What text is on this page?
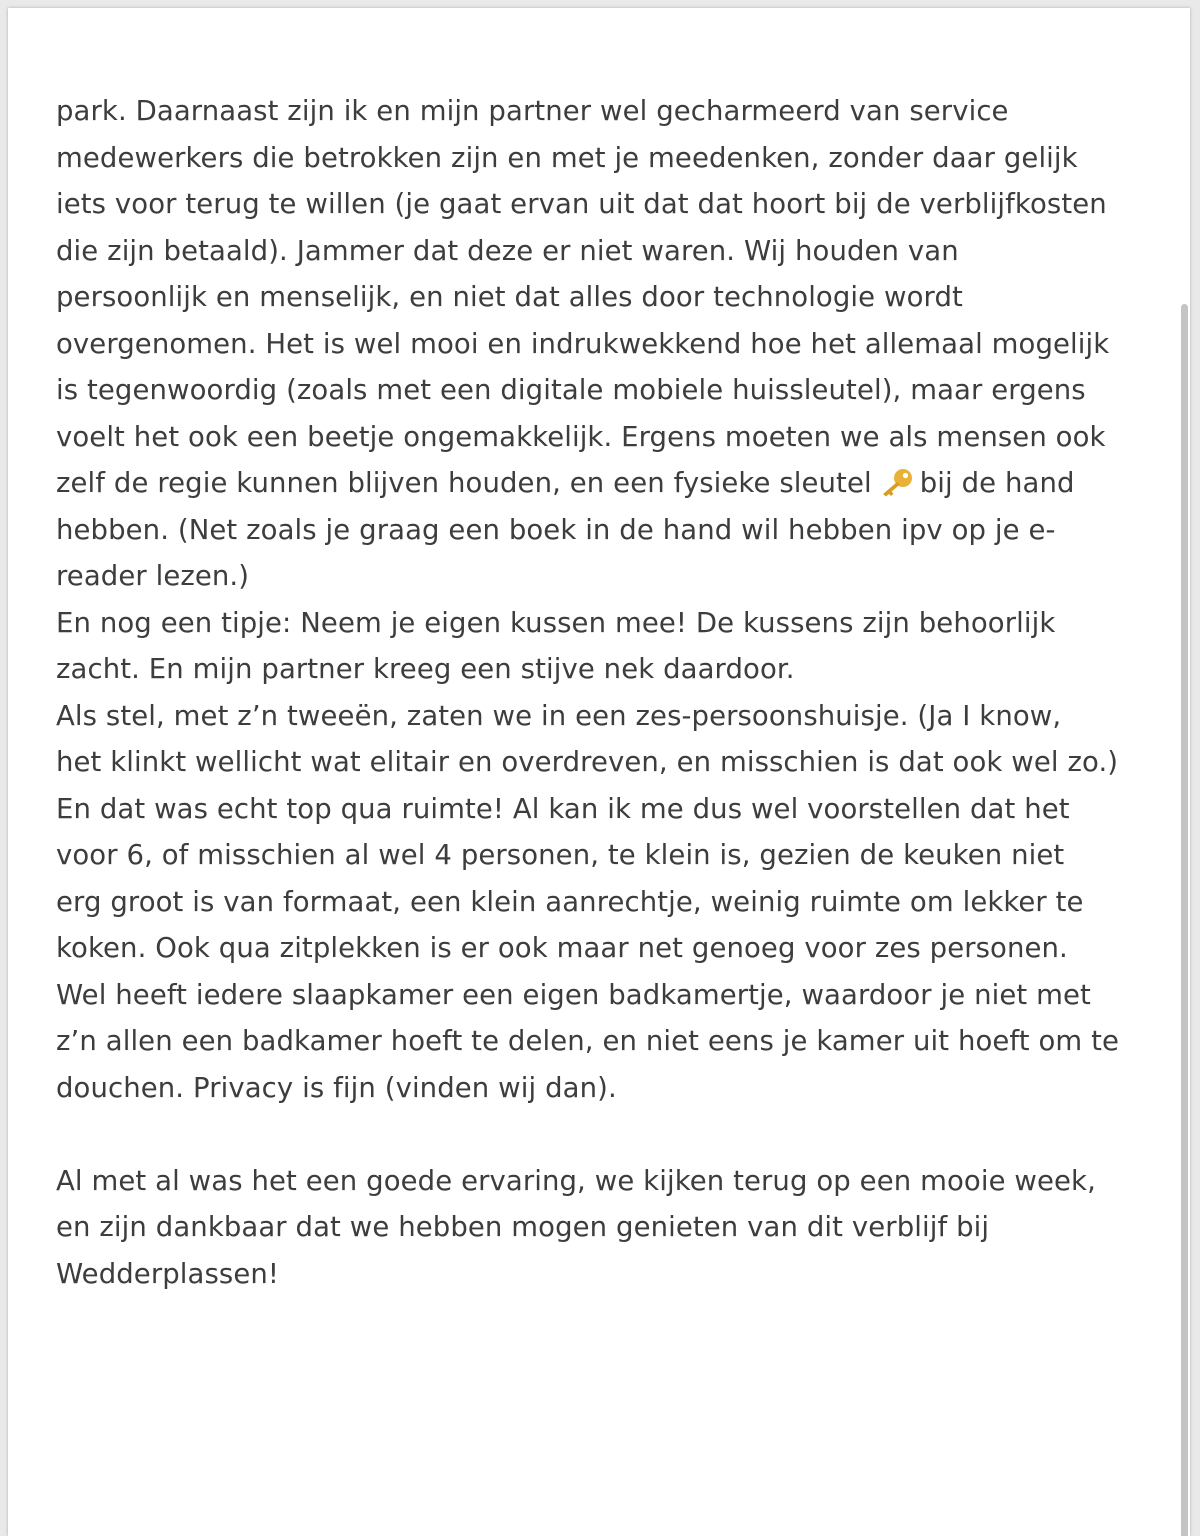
park. Daarnaast zijn ik en mijn partner wel gecharmeerd van service
medewerkers die betrokken zijn en met je meedenken, zonder daar gelijk
iets voor terug te willen (je gaat ervan uit dat dat hoort bij de verblijfkosten
die zijn betaald). Jammer dat deze er niet waren. Wij houden van
persoonlijk en menselijk, en niet dat alles door technologie wordt
overgenomen. Het is wel mooi en indrukwekkend hoe het allemaal mogelijk
is tegenwoordig (zoals met een digitale mobiele huissleutel), maar ergens
voelt het ook een beetje ongemakkelijk. Ergens moeten we als mensen ook
zelf de regie kunnen blijven houden, en een fysieke sleutel bij de hand
hebben. (Net zoals je graag een boek in de hand wil hebben ipv op je e-
reader lezen.)
En nog een tipje: Neem je eigen kussen mee! De kussens zijn behoorlijk
zacht. En mijn partner kreeg een stijve nek daardoor.
Als stel, met z’n tweeën, zaten we in een zes-persoonshuisje. (Ja I know,
het klinkt wellicht wat elitair en overdreven, en misschien is dat ook wel zo.)
En dat was echt top qua ruimte! Al kan ik me dus wel voorstellen dat het
voor 6, of misschien al wel 4 personen, te klein is, gezien de keuken niet
erg groot is van formaat, een klein aanrechtje, weinig ruimte om lekker te
koken. Ook qua zitplekken is er ook maar net genoeg voor zes personen.
Wel heeft iedere slaapkamer een eigen badkamertje, waardoor je niet met
z’n allen een badkamer hoeft te delen, en niet eens je kamer uit hoeft om te
douchen. Privacy is fijn (vinden wij dan).
Al met al was het een goede ervaring, we kijken terug op een mooie week,
en zijn dankbaar dat we hebben mogen genieten van dit verblijf bij
Wedderplassen!
